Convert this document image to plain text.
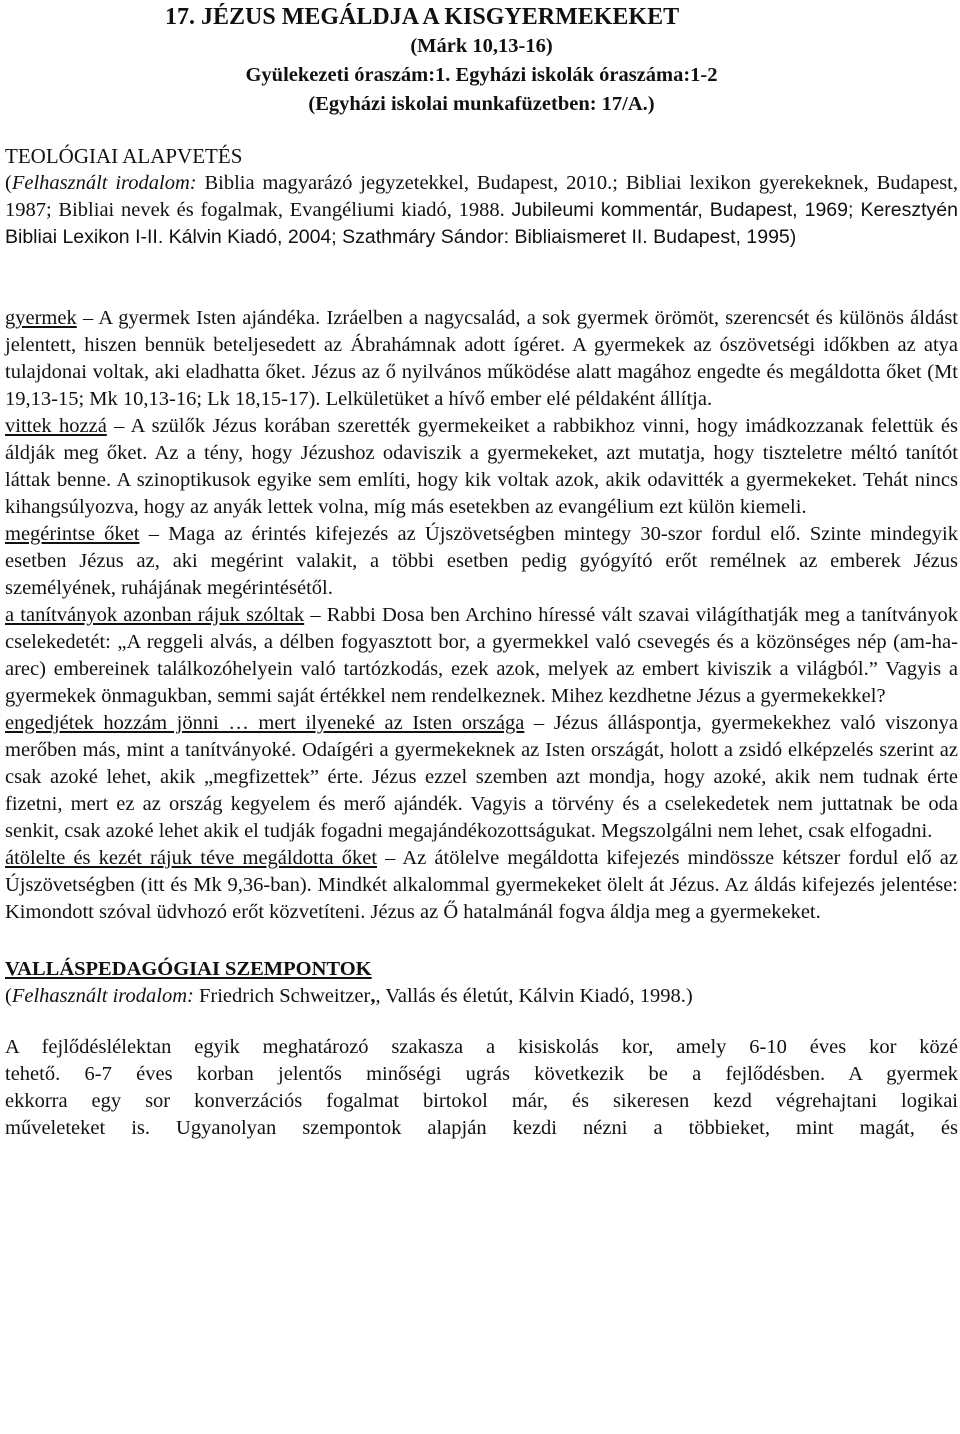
17. JÉZUS MEGÁLDJA A KISGYERMEKEKET
(Márk 10,13-16)
Gyülekezeti óraszám:1. Egyházi iskolák óraszáma:1-2
(Egyházi iskolai munkafüzetben: 17/A.)
TEOLÓGIAI ALAPVETÉS

(Felhasznált irodalom: Biblia magyarázó jegyzetekkel, Budapest, 2010.; Bibliai lexikon gyerekeknek, Budapest, 1987; Bibliai nevek és fogalmak, Evangéliumi kiadó, 1988. Jubileumi kommentár, Budapest, 1969; Keresztyén Bibliai Lexikon I-II. Kálvin Kiadó, 2004; Szathmáry Sándor: Bibliaismeret II. Budapest, 1995)

gyermek – A gyermek Isten ajándéka. Izráelben a nagycsalád, a sok gyermek örömöt, szerencsét és különös áldást jelentett, hiszen bennük beteljesedett az Ábrahámnak adott ígéret. A gyermekek az ószövetségi időkben az atya tulajdonai voltak, aki eladhatta őket. Jézus az ő nyilvános működése alatt magához engedte és megáldotta őket (Mt 19,13-15; Mk 10,13-16; Lk 18,15-17). Lelkületüket a hívő ember elé példaként állítja.

vittek hozzá – A szülők Jézus korában szerették gyermekeiket a rabbikhoz vinni, hogy imádkozzanak felettük és áldják meg őket. Az a tény, hogy Jézushoz odaviszik a gyermekeket, azt mutatja, hogy tiszteletre méltó tanítót láttak benne. A szinoptikusok egyike sem említi, hogy kik voltak azok, akik odavitték a gyermekeket. Tehát nincs kihangsúlyozva, hogy az anyák lettek volna, míg más esetekben az evangélium ezt külön kiemeli.

megérintse őket – Maga az érintés kifejezés az Újszövetségben mintegy 30-szor fordul elő. Szinte mindegyik esetben Jézus az, aki megérint valakit, a többi esetben pedig gyógyító erőt remélnek az emberek Jézus személyének, ruhájának megérintésétől.

a tanítványok azonban rájuk szóltak – Rabbi Dosa ben Archino híressé vált szavai világíthatják meg a tanítványok cselekedetét: „A reggeli alvás, a délben fogyasztott bor, a gyermekkel való csevegés és a közönséges nép (am-ha-arec) embereinek találkozóhelyein való tartózkodás, ezek azok, melyek az embert kiviszik a világból.” Vagyis a gyermekek önmagukban, semmi saját értékkel nem rendelkeznek. Mihez kezdhetne Jézus a gyermekekkel?

engedjétek hozzám jönni … mert ilyeneké az Isten országa – Jézus álláspontja, gyermekekhez való viszonya merőben más, mint a tanítványoké. Odaígéri a gyermekeknek az Isten országát, holott a zsidó elképzelés szerint az csak azoké lehet, akik „megfizettek” érte. Jézus ezzel szemben azt mondja, hogy azoké, akik nem tudnak érte fizetni, mert ez az ország kegyelem és merő ajándék. Vagyis a törvény és a cselekedetek nem juttatnak be oda senkit, csak azoké lehet akik el tudják fogadni megajándékozottságukat. Megszolgálni nem lehet, csak elfogadni.

átölelte és kezét rájuk téve megáldotta őket – Az átölelve megáldotta kifejezés mindössze kétszer fordul elő az Újszövetségben (itt és Mk 9,36-ban). Mindkét alkalommal gyermekeket ölelt át Jézus. Az áldás kifejezés jelentése: Kimondott szóval üdvhozó erőt közvetíteni. Jézus az Ő hatalmánál fogva áldja meg a gyermekeket.

VALLÁSPEDAGÓGIAI SZEMPONTOK

(Felhasznált irodalom: Friedrich Schweitzer,, Vallás és életút, Kálvin Kiadó, 1998.)

A fejlődéslélektan egyik meghatározó szakasza a kisiskolás kor, amely 6-10 éves kor közé

tehető. 6-7 éves korban jelentős minőségi ugrás következik be a fejlődésben. A gyermek

ekkorra egy sor konverzációs fogalmat birtokol már, és sikeresen kezd végrehajtani logikai

műveleteket is. Ugyanolyan szempontok alapján kezdi nézni a többieket, mint magát, és
